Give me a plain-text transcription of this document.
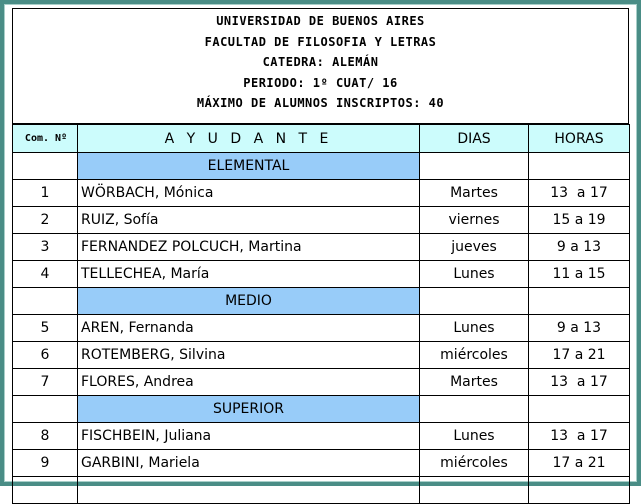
UNIVERSIDAD DE BUENOS AIRES
FACULTAD DE FILOSOFIA Y LETRAS
CATEDRA: ALEMÁN
PERIODO: 1º CUAT/ 16
MÁXIMO DE ALUMNOS INSCRIPTOS: 40
Com. Nº	A Y U D A N T E	DIAS	HORAS
	ELEMENTAL		
1	WÖRBACH, Mónica	Martes	13  a 17
2	RUIZ, Sofía	viernes	15 a 19
3	FERNANDEZ POLCUCH, Martina	jueves	9 a 13
4	TELLECHEA, María	Lunes	11 a 15
	MEDIO		
5	AREN, Fernanda	Lunes	9 a 13
6	ROTEMBERG, Silvina	miércoles	17 a 21
7	FLORES, Andrea	Martes	13  a 17
	SUPERIOR		
8	FISCHBEIN, Juliana	Lunes	13  a 17
9	GARBINI, Mariela	miércoles	17 a 21
